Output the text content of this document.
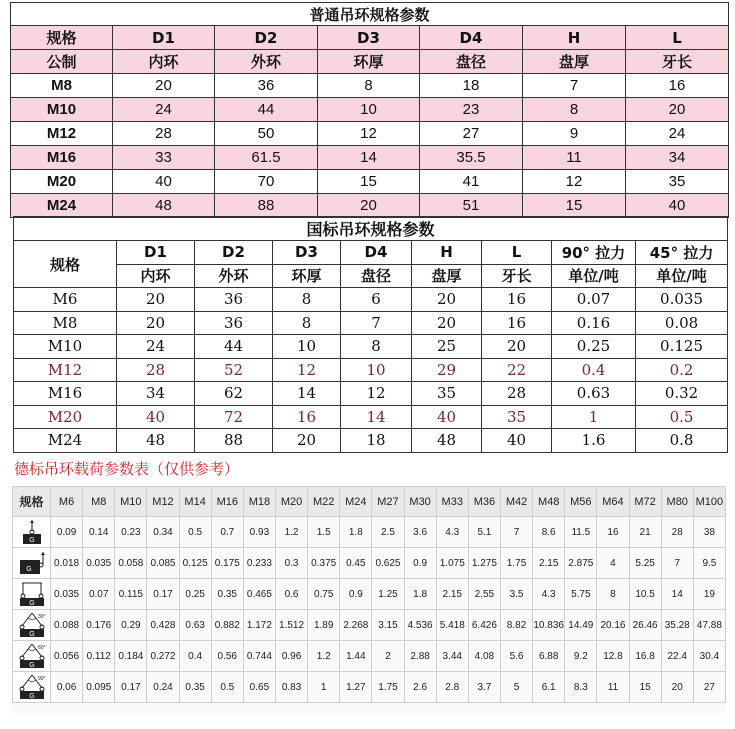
普通吊环规格参数						
规格	D1	D2	D3	D4	H	L
公制	内环	外环	环厚	盘径	盘厚	牙长
M8	20	36	8	18	7	16
M10	24	44	10	23	8	20
M12	28	50	12	27	9	24
M16	33	61.5	14	35.5	11	34
M20	40	70	15	41	12	35
M24	48	88	20	51	15	40
国标吊环规格参数								
规格	D1	D2	D3	D4	H	L	90° 拉力	45° 拉力
	内环	外环	环厚	盘径	盘厚	牙长	单位/吨	单位/吨
M6	20	36	8	6	20	16	0.07	0.035
M8	20	36	8	7	20	16	0.16	0.08
M10	24	44	10	8	25	20	0.25	0.125
M12	28	52	12	10	29	22	0.4	0.2
M16	34	62	14	12	35	28	0.63	0.32
M20	40	72	16	14	40	35	1	0.5
M24	48	88	20	18	48	40	1.6	0.8
德标吊环载荷参数表（仅供参考）
规格	M6	M8	M10	M12	M14	M16	M18	M20	M22	M24	M27	M30	M33	M36	M42	M48	M56	M64	M72	M80	M100

G	0.09	0.14	0.23	0.34	0.5	0.7	0.93	1.2	1.5	1.8	2.5	3.6	4.3	5.1	7	8.6	11.5	16	21	28	38

G	0.018	0.035	0.058	0.085	0.125	0.175	0.233	0.3	0.375	0.45	0.625	0.9	1.075	1.275	1.75	2.15	2.875	4	5.25	7	9.5

G	0.035	0.07	0.115	0.17	0.25	0.35	0.465	0.6	0.75	0.9	1.25	1.8	2.15	2.55	3.5	4.3	5.75	8	10.5	14	19

30°
G	0.088	0.176	0.29	0.428	0.63	0.882	1.172	1.512	1.89	2.268	3.15	4.536	5.418	6.426	8.82	10.836	14.49	20.16	26.46	35.28	47.88

60°
G	0.056	0.112	0.184	0.272	0.4	0.56	0.744	0.96	1.2	1.44	2	2.88	3.44	4.08	5.6	6.88	9.2	12.8	16.8	22.4	30.4

90°
G	0.06	0.095	0.17	0.24	0.35	0.5	0.65	0.83	1	1.27	1.75	2.6	2.8	3.7	5	6.1	8.3	11	15	20	27
